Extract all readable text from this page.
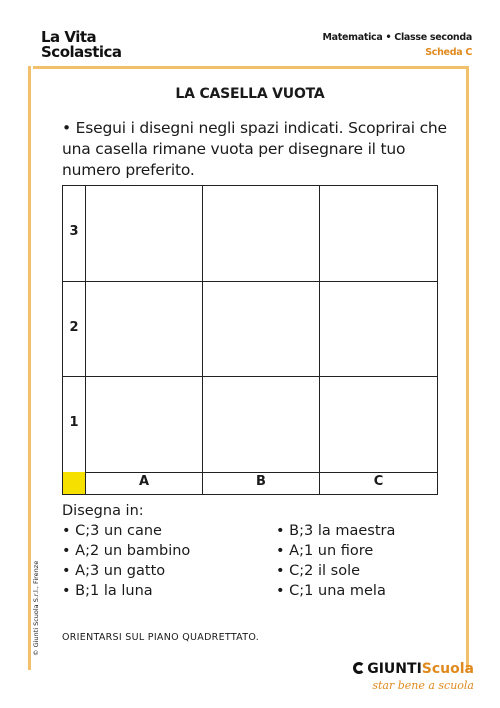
La Vita
Scolastica
Matematica • Classe seconda
Scheda C
LA CASELLA VUOTA
• Esegui i disegni negli spazi indicati. Scoprirai che una casella rimane vuota per disegnare il tuo numero preferito.
3
2
1
A	B	C
Disegna in:
• C;3 un cane
• A;2 un bambino
• A;3 un gatto
• B;1 la luna
• B;3 la maestra
• A;1 un fiore
• C;2 il sole
• C;1 una mela
ORIENTARSI SUL PIANO QUADRETTATO.
© Giunti Scuola S.r.l., Firenze
GIUNTIScuola
star bene a scuola
